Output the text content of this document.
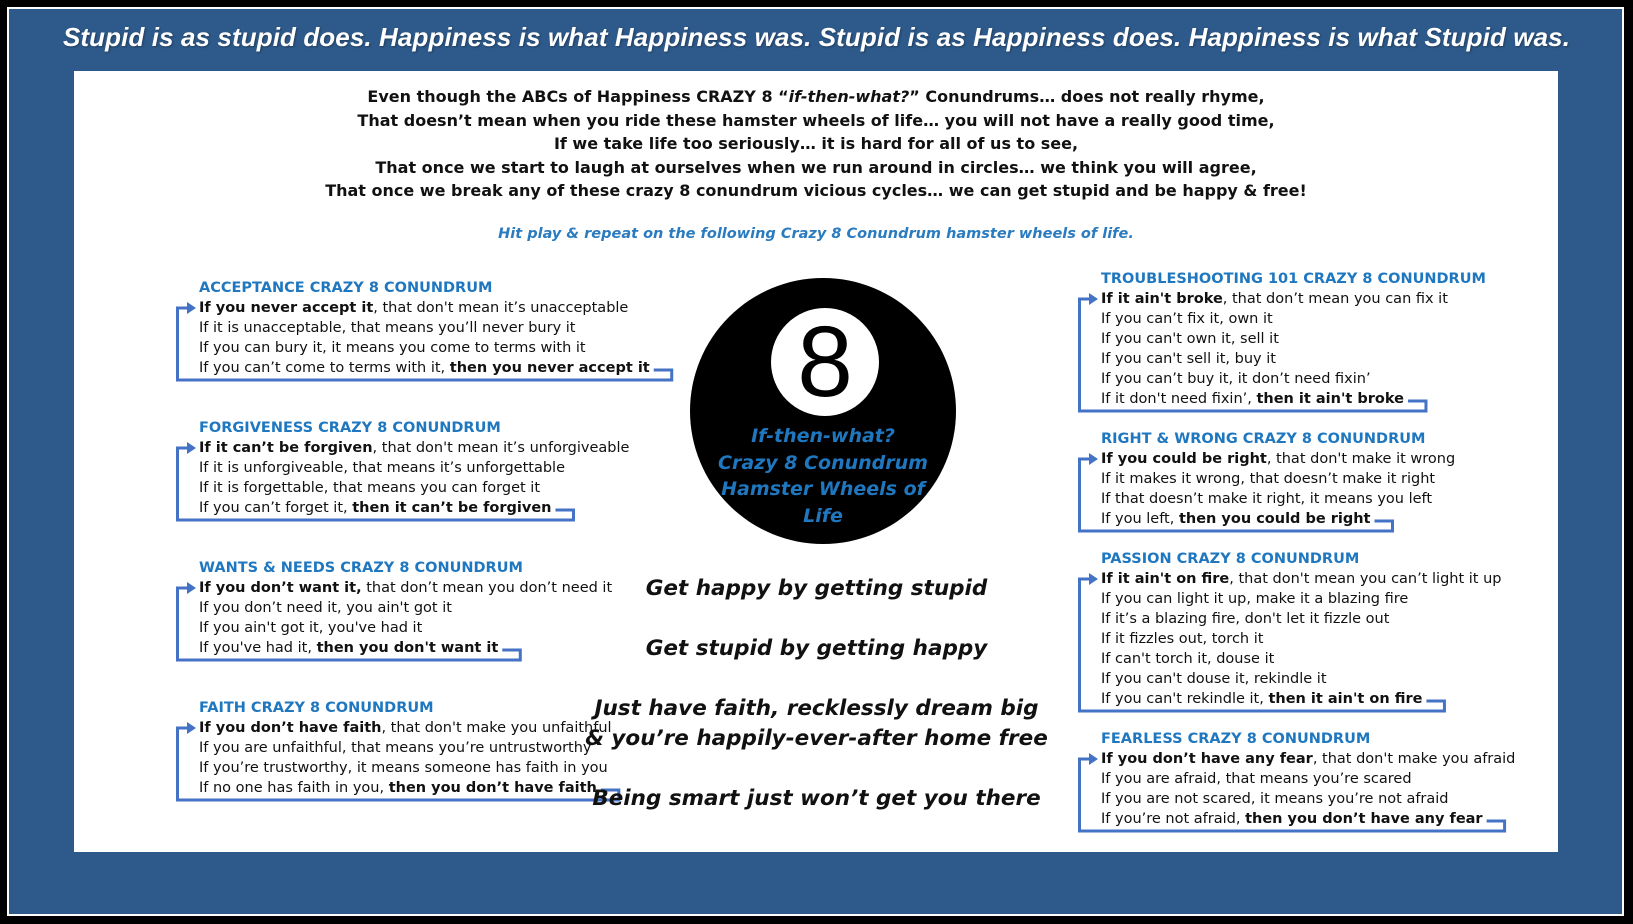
Stupid is as stupid does. Happiness is what Happiness was. Stupid is as Happiness does. Happiness is what Stupid was.
Even though the ABCs of Happiness CRAZY 8 “if-then-what?” Conundrums… does not really rhyme,
That doesn’t mean when you ride these hamster wheels of life… you will not have a really good time,
If we take life too seriously… it is hard for all of us to see,
That once we start to laugh at ourselves when we run around in circles… we think you will agree,
That once we break any of these crazy 8 conundrum vicious cycles… we can get stupid and be happy & free!
Hit play & repeat on the following Crazy 8 Conundrum hamster wheels of life.
ACCEPTANCE CRAZY 8 CONUNDRUM
If you never accept it, that don't mean it’s unacceptable
If it is unacceptable, that means you’ll never bury it
If you can bury it, it means you come to terms with it
If you can’t come to terms with it, then you never accept it
FORGIVENESS CRAZY 8 CONUNDRUM
If it can’t be forgiven, that don't mean it’s unforgiveable
If it is unforgiveable, that means it’s unforgettable
If it is forgettable, that means you can forget it
If you can’t forget it, then it can’t be forgiven
WANTS & NEEDS CRAZY 8 CONUNDRUM
If you don’t want it, that don’t mean you don’t need it
If you don’t need it, you ain't got it
If you ain't got it, you've had it
If you've had it, then you don't want it
FAITH CRAZY 8 CONUNDRUM
If you don’t have faith, that don't make you unfaithful
If you are unfaithful, that means you’re untrustworthy
If you’re trustworthy, it means someone has faith in you
If no one has faith in you, then you don’t have faith
TROUBLESHOOTING 101 CRAZY 8 CONUNDRUM
If it ain't broke, that don’t mean you can fix it
If you can’t fix it, own it
If you can't own it, sell it
If you can't sell it, buy it
If you can’t buy it, it don’t need fixin’
If it don't need fixin’, then it ain't broke
RIGHT & WRONG CRAZY 8 CONUNDRUM
If you could be right, that don't make it wrong
If it makes it wrong, that doesn’t make it right
If that doesn’t make it right, it means you left
If you left, then you could be right
PASSION CRAZY 8 CONUNDRUM
If it ain't on fire, that don't mean you can’t light it up
If you can light it up, make it a blazing fire
If it’s a blazing fire, don't let it fizzle out
If it fizzles out, torch it
If can't torch it, douse it
If you can't douse it, rekindle it
If you can't rekindle it, then it ain't on fire
FEARLESS CRAZY 8 CONUNDRUM
If you don’t have any fear, that don't make you afraid
If you are afraid, that means you’re scared
If you are not scared, it means you’re not afraid
If you’re not afraid, then you don’t have any fear
8
If-then-what?
Crazy 8 Conundrum
Hamster Wheels of
Life
Get happy by getting stupid
Get stupid by getting happy
Just have faith, recklessly dream big
& you’re happily-ever-after home free
Being smart just won’t get you there
